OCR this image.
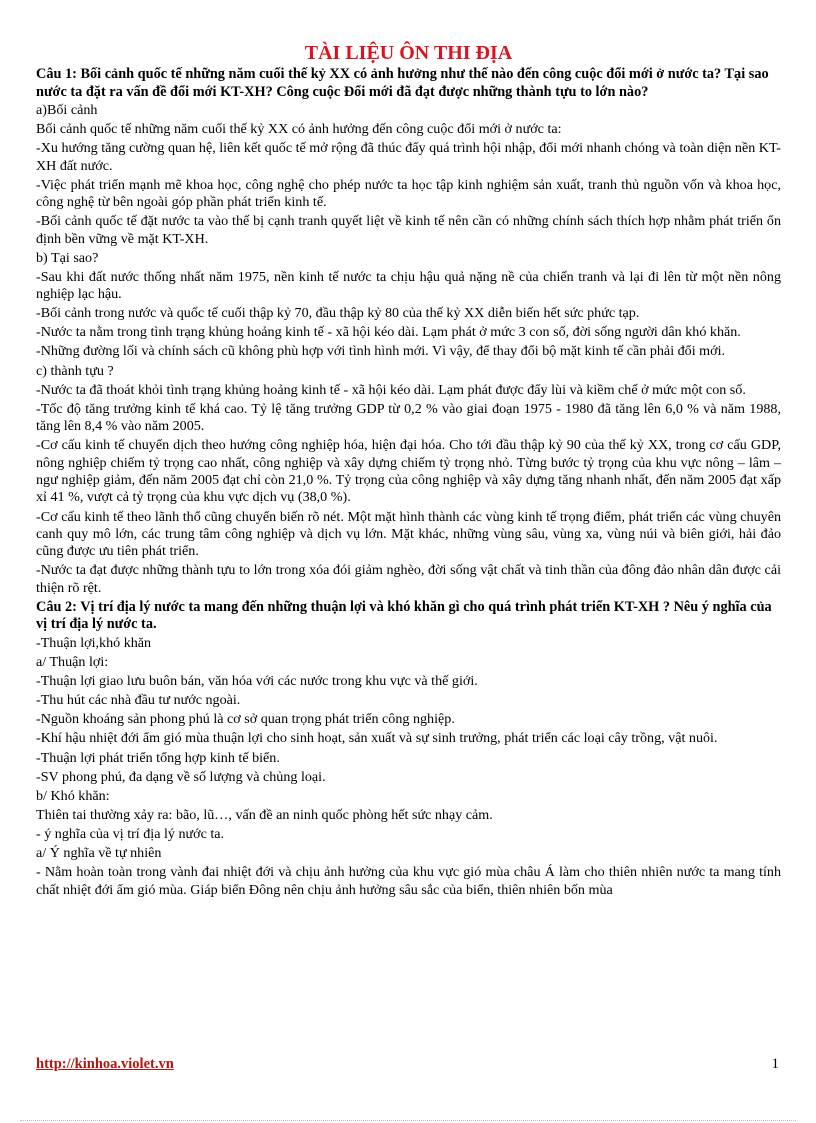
TÀI LIỆU ÔN THI ĐỊA
Câu 1: Bối cảnh quốc tế những năm cuối thế kỷ XX có ảnh hưởng như thế nào đến công cuộc đổi mới ở nước ta? Tại sao nước ta đặt ra vấn đề đổi mới KT-XH? Công cuộc Đổi mới đã đạt được những thành tựu to lớn nào?
a)Bối cảnh
Bối cảnh quốc tế những năm cuối thế kỷ XX có ảnh hưởng đến công cuộc đổi mới ở nước ta:
-Xu hướng tăng cường quan hệ, liên kết quốc tế mở rộng đã thúc đẩy quá trình hội nhập, đổi mới nhanh chóng và toàn diện nền KT-XH đất nước.
-Việc phát triển mạnh mẽ khoa học, công nghệ cho phép nước ta học tập kinh nghiệm sản xuất, tranh thủ nguồn vốn và khoa học, công nghệ từ bên ngoài góp phần phát triển kinh tế.
-Bối cảnh quốc tế đặt nước ta vào thế bị cạnh tranh quyết liệt về kinh tế nên cần có những chính sách thích hợp nhằm phát triển ổn định bền vững về mặt KT-XH.
b) Tại sao?
-Sau khi đất nước thống nhất năm 1975, nền kinh tế nước ta chịu hậu quả nặng nề của chiến tranh và lại đi lên từ một nền nông nghiệp lạc hậu.
-Bối cảnh trong nước và quốc tế cuối thập kỷ 70, đầu thập kỷ 80 của thế kỷ XX diễn biến hết sức phức tạp.
-Nước ta nằm trong tình trạng khủng hoảng kinh tế - xã hội kéo dài. Lạm phát ở mức 3 con số, đời sống người dân khó khăn.
-Những đường lối và chính sách cũ không phù hợp với tình hình mới. Vì vậy, để thay đổi bộ mặt kinh tế cần phải đổi mới.
c) thành tựu ?
-Nước ta đã thoát khỏi tình trạng khủng hoảng kinh tế - xã hội kéo dài. Lạm phát được đẩy lùi và kiềm chế ở mức một con số.
-Tốc độ tăng trưởng kinh tế khá cao. Tỷ lệ tăng trưởng GDP từ 0,2 % vào giai đoạn 1975 - 1980 đã tăng lên 6,0 % và năm 1988, tăng lên 8,4 % vào năm 2005.
-Cơ cấu kinh tế chuyển dịch theo hướng công nghiệp hóa, hiện đại hóa. Cho tới đầu thập kỷ 90 của thế kỷ XX, trong cơ cấu GDP, nông nghiệp chiếm tỷ trọng cao nhất, công nghiệp và xây dựng chiếm tỷ trọng nhỏ. Từng bước tỷ trọng của khu vực nông – lâm – ngư nghiệp giảm, đến năm 2005 đạt chỉ còn 21,0 %. Tỷ trọng của công nghiệp và xây dựng tăng nhanh nhất, đến năm 2005 đạt xấp xỉ 41 %, vượt cả tỷ trọng của khu vực dịch vụ (38,0 %).
-Cơ cấu kinh tế theo lãnh thổ cũng chuyển biến rõ nét. Một mặt hình thành các vùng kinh tế trọng điểm, phát triển các vùng chuyên canh quy mô lớn, các trung tâm công nghiệp và dịch vụ lớn. Mặt khác, những vùng sâu, vùng xa, vùng núi và biên giới, hải đảo cũng được ưu tiên phát triển.
-Nước ta đạt được những thành tựu to lớn trong xóa đói giảm nghèo, đời sống vật chất và tinh thần của đông đảo nhân dân được cải thiện rõ rệt.
Câu 2: Vị trí địa lý nước ta mang đến những thuận lợi và khó khăn gì cho quá trình phát triển KT-XH ? Nêu ý nghĩa của vị trí địa lý nước ta.
-Thuận lợi,khó khăn
a/ Thuận lợi:
-Thuận lợi giao lưu buôn bán, văn hóa với các nước trong khu vực và thế giới.
-Thu hút các nhà đầu tư nước ngoài.
-Nguồn khoáng sản phong phú là cơ sở quan trọng phát triển công nghiệp.
-Khí hậu nhiệt đới ẩm gió mùa thuận lợi cho sinh hoạt, sản xuất và sự sinh trưởng, phát triển các loại cây trồng, vật nuôi.
-Thuận lợi phát triển tổng hợp kinh tế biển.
-SV phong phú, đa dạng về số lượng và chủng loại.
b/ Khó khăn:
Thiên tai thường xảy ra: bão, lũ…, vấn đề an ninh quốc phòng hết sức nhạy cảm.
- ý nghĩa của vị trí địa lý nước ta.
a/ Ý nghĩa về tự nhiên
- Nằm hoàn toàn trong vành đai nhiệt đới và chịu ảnh hưởng của khu vực gió mùa châu Á làm cho thiên nhiên nước ta mang tính chất nhiệt đới ẩm gió mùa. Giáp biển Đông nên chịu ảnh hưởng sâu sắc của biển, thiên nhiên bốn mùa
http://kinhoa.violet.vn	1
